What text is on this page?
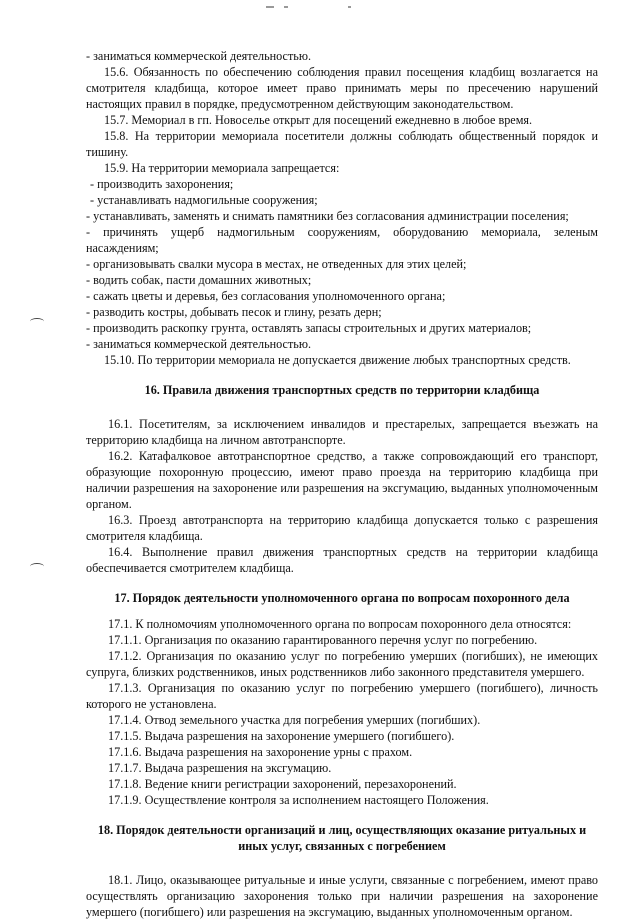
- заниматься коммерческой деятельностью.

15.6. Обязанность по обеспечению соблюдения правил посещения кладбищ возлагается на смотрителя кладбища, которое имеет право принимать меры по пресечению нарушений настоящих правил в порядке, предусмотренном действующим законодательством.

15.7. Мемориал в гп. Новоселье открыт для посещений ежедневно в любое время.

15.8. На территории мемориала посетители должны соблюдать общественный порядок и тишину.

15.9. На территории мемориала запрещается:

- производить захоронения;

- устанавливать надмогильные сооружения;

- устанавливать, заменять и снимать памятники без согласования администрации поселения;

- причинять ущерб надмогильным сооружениям, оборудованию мемориала, зеленым насаждениям;

- организовывать свалки мусора в местах, не отведенных для этих целей;

- водить собак, пасти домашних животных;

- сажать цветы и деревья, без согласования уполномоченного органа;

- разводить костры, добывать песок и глину, резать дерн;

- производить раскопку грунта, оставлять запасы строительных и других материалов;

- заниматься коммерческой деятельностью.

15.10. По территории мемориала не допускается движение любых транспортных средств.

16. Правила движения транспортных средств по территории кладбища

16.1. Посетителям, за исключением инвалидов и престарелых, запрещается въезжать на территорию кладбища на личном автотранспорте.

16.2. Катафалковое автотранспортное средство, а также сопровождающий его транспорт, образующие похоронную процессию, имеют право проезда на территорию кладбища при наличии разрешения на захоронение или разрешения на эксгумацию, выданных уполномоченным органом.

16.3. Проезд автотранспорта на территорию кладбища допускается только с разрешения смотрителя кладбища.

16.4. Выполнение правил движения транспортных средств на территории кладбища обеспечивается смотрителем кладбища.

17. Порядок деятельности уполномоченного органа по вопросам похоронного дела

17.1. К полномочиям уполномоченного органа по вопросам похоронного дела относятся:

17.1.1. Организация по оказанию гарантированного перечня услуг по погребению.

17.1.2. Организация по оказанию услуг по погребению умерших (погибших), не имеющих супруга, близких родственников, иных родственников либо законного представителя умершего.

17.1.3. Организация по оказанию услуг по погребению умершего (погибшего), личность которого не установлена.

17.1.4. Отвод земельного участка для погребения умерших (погибших).

17.1.5. Выдача разрешения на захоронение умершего (погибшего).

17.1.6. Выдача разрешения на захоронение урны с прахом.

17.1.7. Выдача разрешения на эксгумацию.

17.1.8. Ведение книги регистрации захоронений, перезахоронений.

17.1.9. Осуществление контроля за исполнением настоящего Положения.

18. Порядок деятельности организаций и лиц, осуществляющих оказание ритуальных и иных услуг, связанных с погребением

18.1. Лицо, оказывающее ритуальные и иные услуги, связанные с погребением, имеют право осуществлять организацию захоронения только при наличии разрешения на захоронение умершего (погибшего) или разрешения на эксгумацию, выданных уполномоченным органом.
